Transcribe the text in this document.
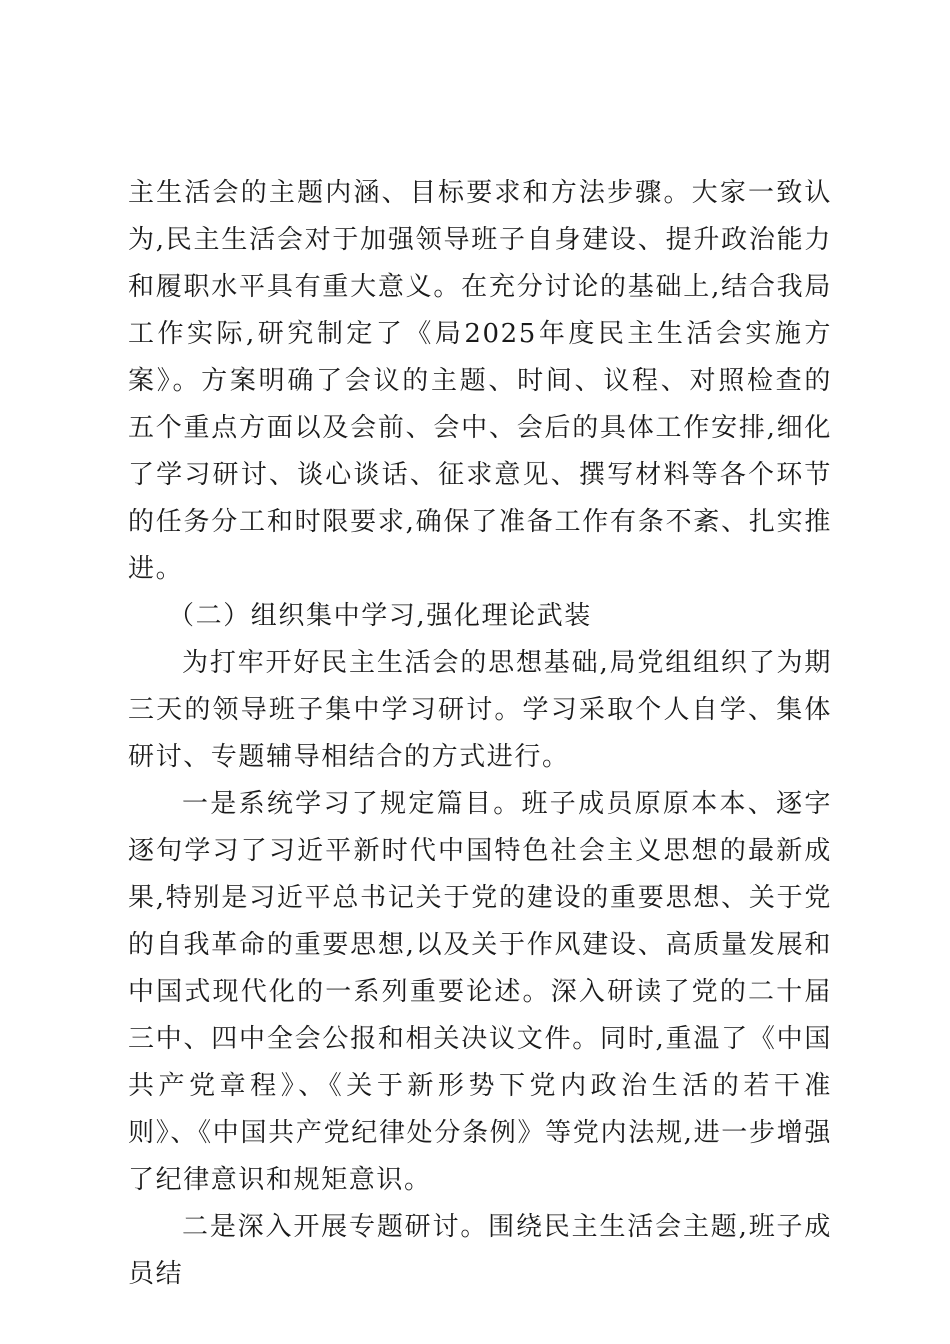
主生活会的主题内涵、目标要求和方法步骤。大家一致认为,民主生活会对于加强领导班子自身建设、提升政治能力和履职水平具有重大意义。在充分讨论的基础上,结合我局工作实际,研究制定了《局2025年度民主生活会实施方案》。方案明确了会议的主题、时间、议程、对照检查的五个重点方面以及会前、会中、会后的具体工作安排,细化了学习研讨、谈心谈话、征求意见、撰写材料等各个环节的任务分工和时限要求,确保了准备工作有条不紊、扎实推进。

（二）组织集中学习,强化理论武装

为打牢开好民主生活会的思想基础,局党组组织了为期三天的领导班子集中学习研讨。学习采取个人自学、集体研讨、专题辅导相结合的方式进行。

一是系统学习了规定篇目。班子成员原原本本、逐字逐句学习了习近平新时代中国特色社会主义思想的最新成果,特别是习近平总书记关于党的建设的重要思想、关于党的自我革命的重要思想,以及关于作风建设、高质量发展和中国式现代化的一系列重要论述。深入研读了党的二十届三中、四中全会公报和相关决议文件。同时,重温了《中国共产党章程》、《关于新形势下党内政治生活的若干准则》、《中国共产党纪律处分条例》等党内法规,进一步增强了纪律意识和规矩意识。

二是深入开展专题研讨。围绕民主生活会主题,班子成员结
